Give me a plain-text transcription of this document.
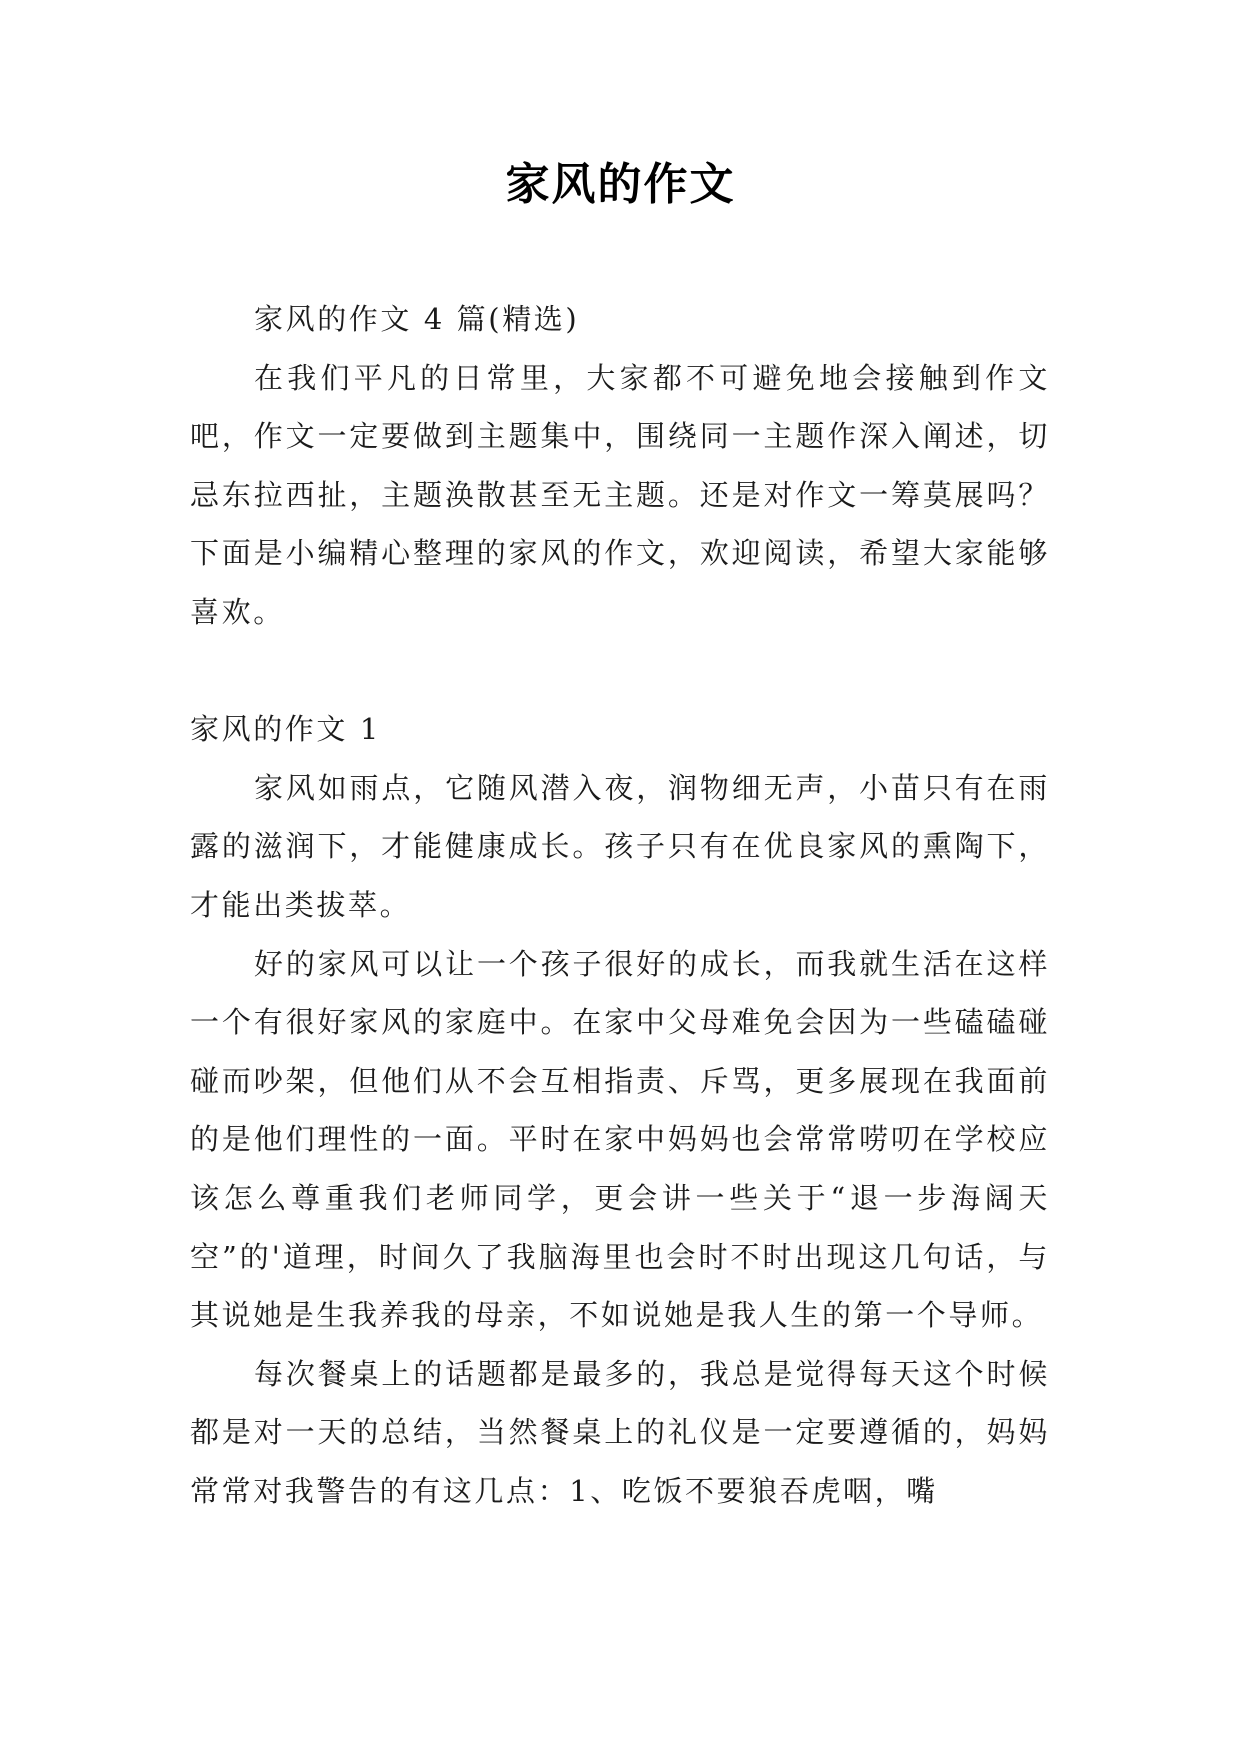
家风的作文

家风的作文 4 篇(精选)

在我们平凡的日常里，大家都不可避免地会接触到作文吧，作文一定要做到主题集中，围绕同一主题作深入阐述，切忌东拉西扯，主题涣散甚至无主题。还是对作文一筹莫展吗？下面是小编精心整理的家风的作文，欢迎阅读，希望大家能够喜欢。

家风的作文 1

家风如雨点，它随风潜入夜，润物细无声，小苗只有在雨露的滋润下，才能健康成长。孩子只有在优良家风的熏陶下，才能出类拔萃。

好的家风可以让一个孩子很好的成长，而我就生活在这样一个有很好家风的家庭中。在家中父母难免会因为一些磕磕碰碰而吵架，但他们从不会互相指责、斥骂，更多展现在我面前的是他们理性的一面。平时在家中妈妈也会常常唠叨在学校应该怎么尊重我们老师同学，更会讲一些关于“退一步海阔天空”的'道理，时间久了我脑海里也会时不时出现这几句话，与其说她是生我养我的母亲，不如说她是我人生的第一个导师。

每次餐桌上的话题都是最多的，我总是觉得每天这个时候都是对一天的总结，当然餐桌上的礼仪是一定要遵循的，妈妈常常对我警告的有这几点：1、吃饭不要狼吞虎咽，嘴
